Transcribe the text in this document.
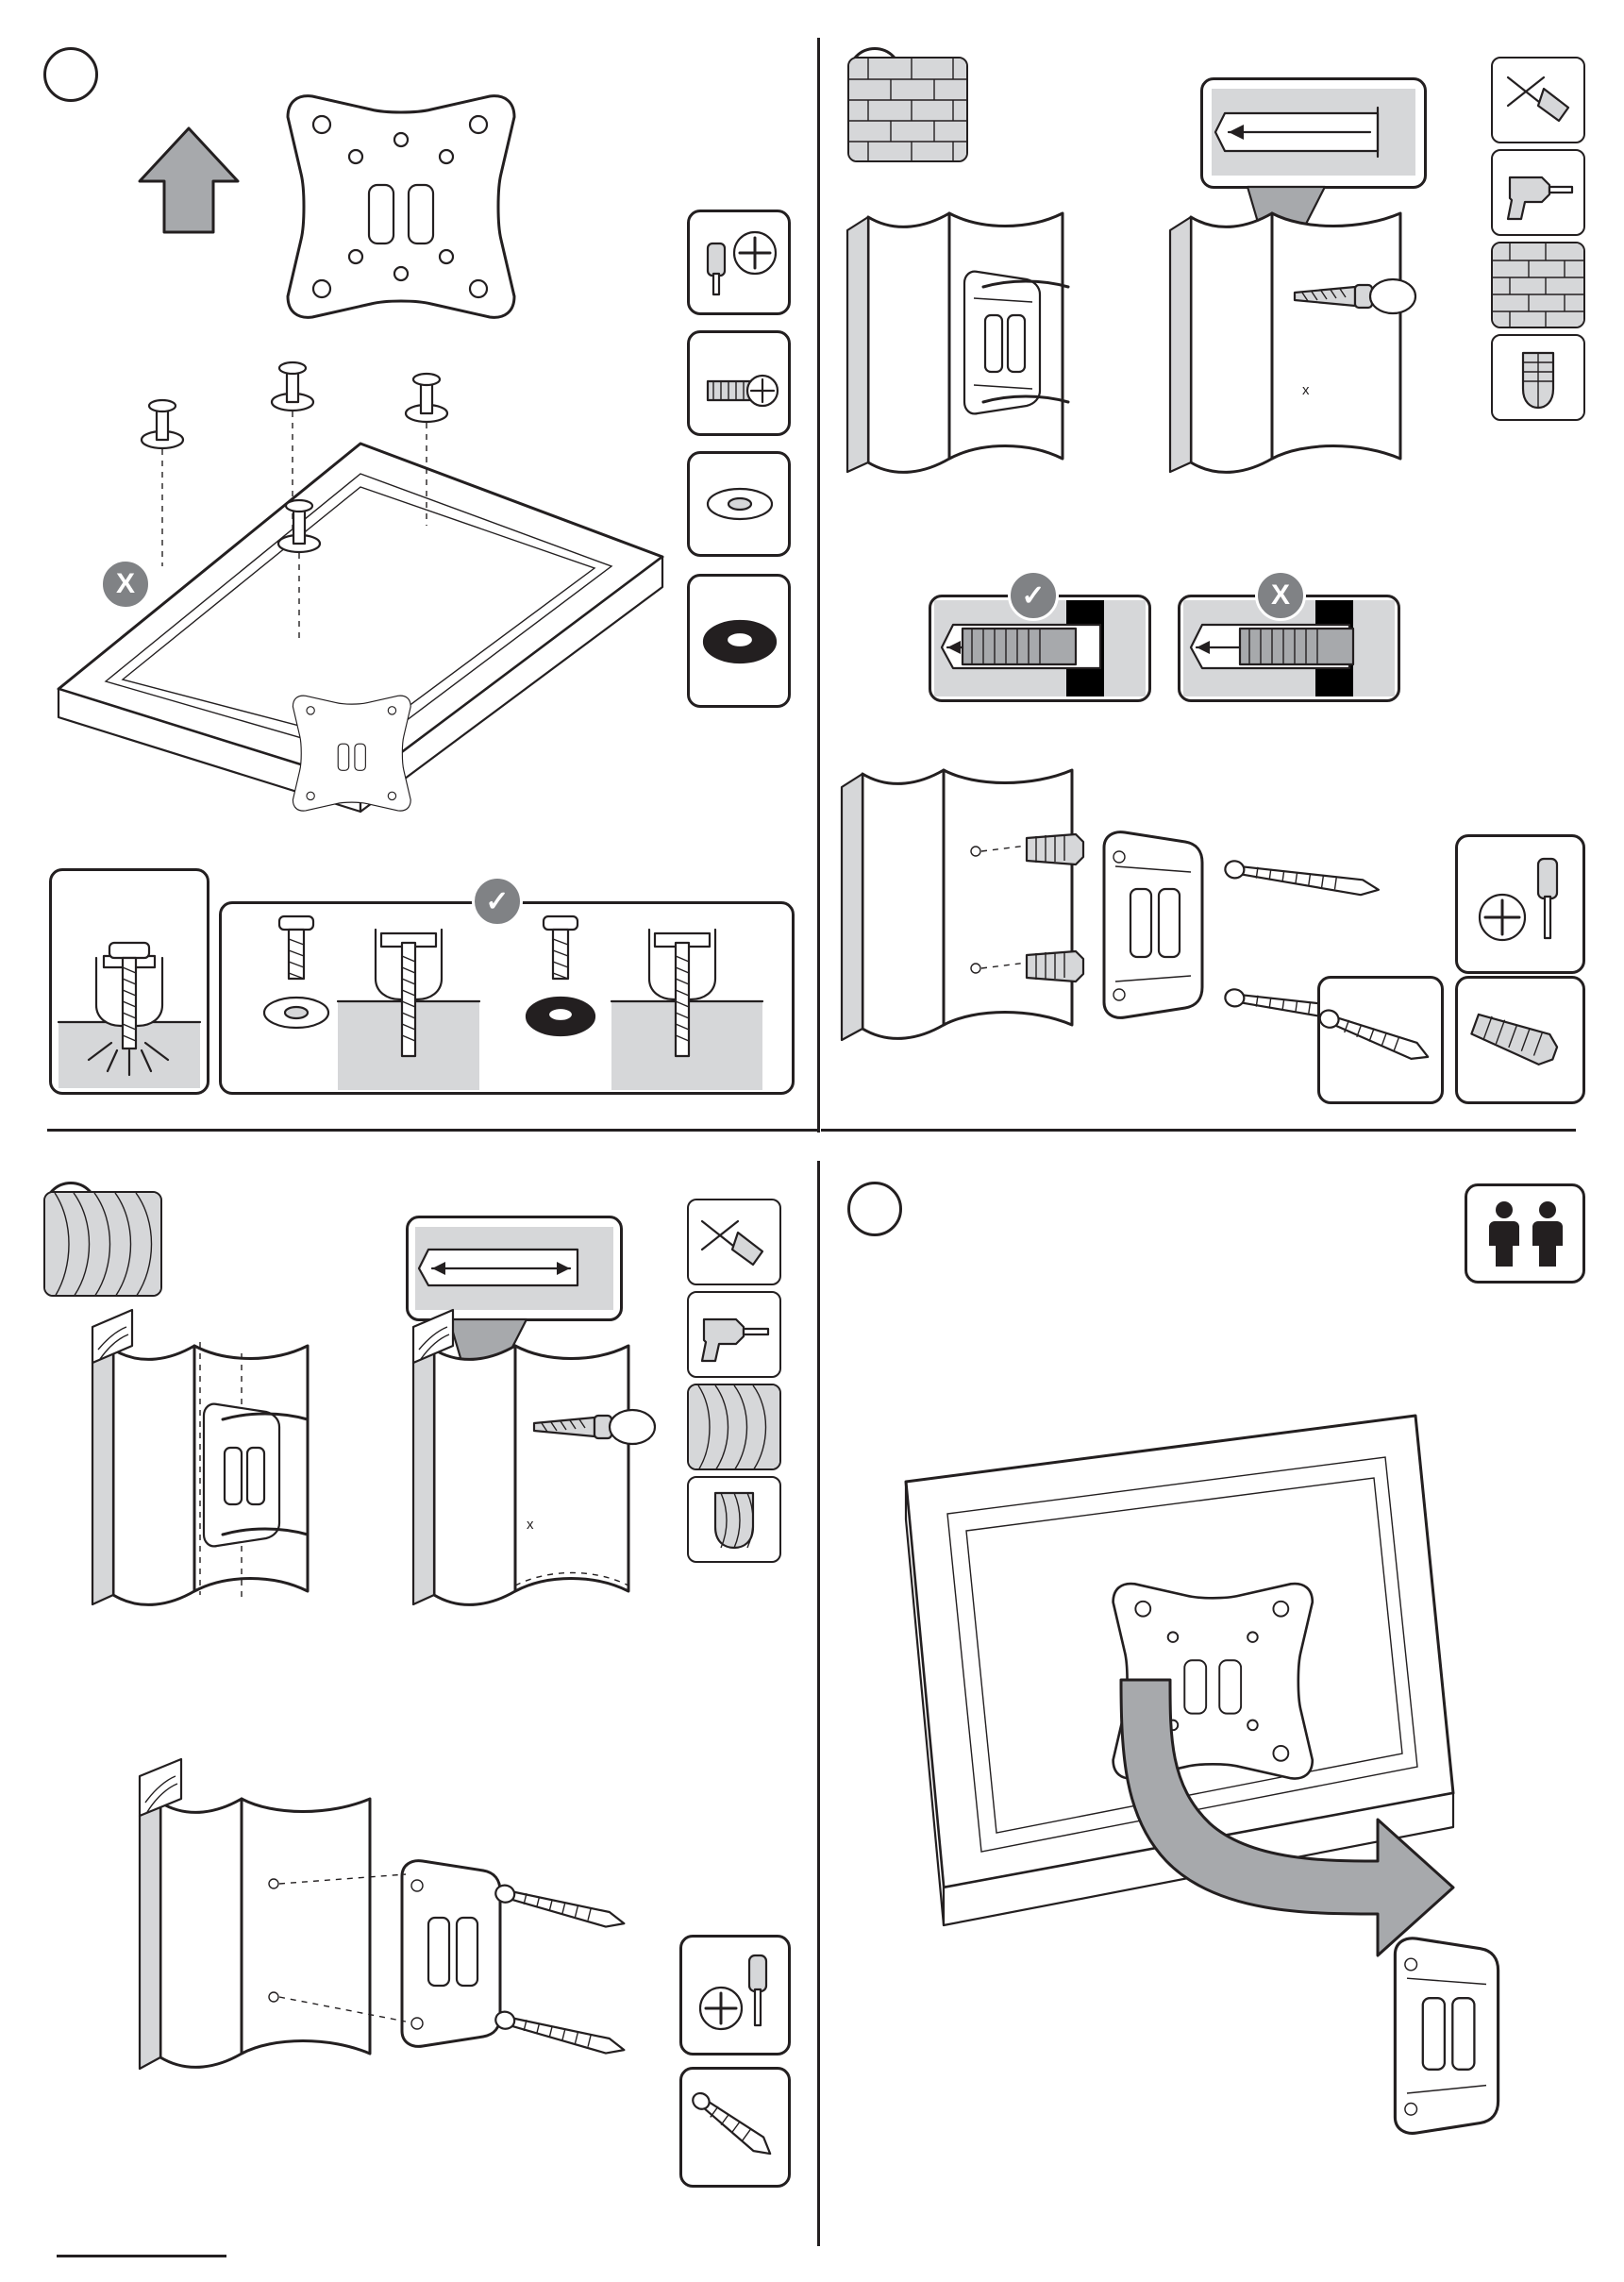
X
✓
x
✓	X
x
